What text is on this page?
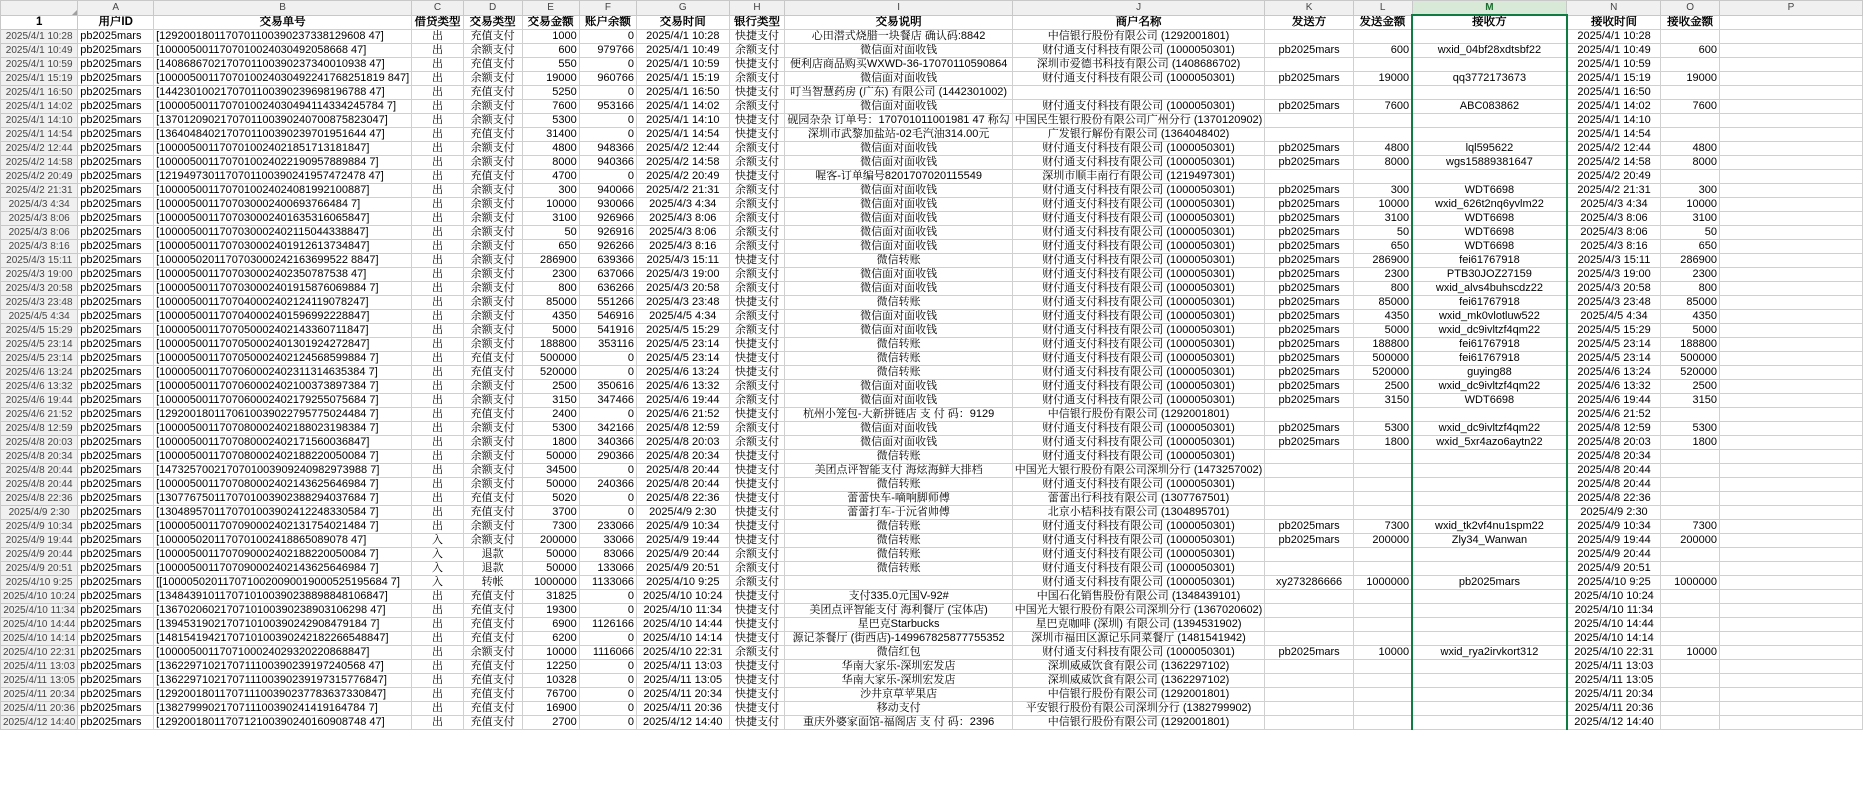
	A	B	C	D	E	F	G	H	I	J	K	L	M	N	O	P
1	用户ID	交易单号	借贷类型	交易类型	交易金额	账户余额	交易时间	银行类型	交易说明	商户名称	发送方	发送金额	接收方	接收时间	接收金额	
2025/4/1 10:28	pb2025mars	[1292001801170701100390237338129608 47]	出	充值支付	1000	0	2025/4/1 10:28	快捷支付	心田潜式烧腊一块餐店 确认码:8842	中信银行股份有限公司 (1292001801)				2025/4/1 10:28		
2025/4/1 10:49	pb2025mars	[1000050011707010024030492058668 47]	出	余额支付	600	979766	2025/4/1 10:49	余额支付	微信面对面收钱	财付通支付科技有限公司 (1000050301)	pb2025mars	600	wxid_04bf28xdtsbf22	2025/4/1 10:49	600	
2025/4/1 10:59	pb2025mars	[1408686702170701100390237340010938 47]	出	充值支付	550	0	2025/4/1 10:59	快捷支付	便利店商品购买WXWD-36-17070110590864	深圳市爱德书科技有限公司 (1408686702)				2025/4/1 10:59		
2025/4/1 15:19	pb2025mars	[1000050011707010024030492241768251819 847]	出	余额支付	19000	960766	2025/4/1 15:19	余额支付	微信面对面收钱	财付通支付科技有限公司 (1000050301)	pb2025mars	19000	qq3772173673	2025/4/1 15:19	19000	
2025/4/1 16:50	pb2025mars	[1442301002170701100390239698196788 47]	出	充值支付	5250	0	2025/4/1 16:50	快捷支付	叮当智慧药房 (广东) 有限公司 (1442301002)					2025/4/1 16:50		
2025/4/1 14:02	pb2025mars	[1000050011707010024030494114334245784 7]	出	余额支付	7600	953166	2025/4/1 14:02	余额支付	微信面对面收钱	财付通支付科技有限公司 (1000050301)	pb2025mars	7600	ABC083862	2025/4/1 14:02	7600	
2025/4/1 14:10	pb2025mars	[1370120902170701100390240700875823047]	出	余额支付	5300	0	2025/4/1 14:10	快捷支付	砚园杂杂 订单号：170701011001981 47 称勾	中国民生银行股份有限公司广州分行 (1370120902)				2025/4/1 14:10		
2025/4/1 14:54	pb2025mars	[1364048402170701100390239701951644 47]	出	充值支付	31400	0	2025/4/1 14:54	快捷支付	深圳市武黎加盐站-02毛汽油314.00元	广发银行解份有限公司 (1364048402)				2025/4/1 14:54		
2025/4/2 12:44	pb2025mars	[1000050011707010024021851713181847]	出	余额支付	4800	948366	2025/4/2 12:44	余额支付	微信面对面收钱	财付通支付科技有限公司 (1000050301)	pb2025mars	4800	lql595622	2025/4/2 12:44	4800	
2025/4/2 14:58	pb2025mars	[1000050011707010024022190957889884 7]	出	余额支付	8000	940366	2025/4/2 14:58	余额支付	微信面对面收钱	财付通支付科技有限公司 (1000050301)	pb2025mars	8000	wgs15889381647	2025/4/2 14:58	8000	
2025/4/2 20:49	pb2025mars	[1219497301170701100390241957472478 47]	出	充值支付	4700	0	2025/4/2 20:49	快捷支付	喔客-订单编号8201707020115549	深圳市顺丰南行有限公司 (1219497301)				2025/4/2 20:49		
2025/4/2 21:31	pb2025mars	[1000050011707010024024081992100887]	出	余额支付	300	940066	2025/4/2 21:31	余额支付	微信面对面收钱	财付通支付科技有限公司 (1000050301)	pb2025mars	300	WDT6698	2025/4/2 21:31	300	
2025/4/3 4:34	pb2025mars	[1000050011707030002400693766484 7]	出	余额支付	10000	930066	2025/4/3 4:34	余额支付	微信面对面收钱	财付通支付科技有限公司 (1000050301)	pb2025mars	10000	wxid_626t2nq6yvlm22	2025/4/3 4:34	10000	
2025/4/3 8:06	pb2025mars	[1000050011707030002401635316065847]	出	余额支付	3100	926966	2025/4/3 8:06	余额支付	微信面对面收钱	财付通支付科技有限公司 (1000050301)	pb2025mars	3100	WDT6698	2025/4/3 8:06	3100	
2025/4/3 8:06	pb2025mars	[1000050011707030002402115044338847]	出	余额支付	50	926916	2025/4/3 8:06	余额支付	微信面对面收钱	财付通支付科技有限公司 (1000050301)	pb2025mars	50	WDT6698	2025/4/3 8:06	50	
2025/4/3 8:16	pb2025mars	[1000050011707030002401912613734847]	出	余额支付	650	926266	2025/4/3 8:16	余额支付	微信面对面收钱	财付通支付科技有限公司 (1000050301)	pb2025mars	650	WDT6698	2025/4/3 8:16	650	
2025/4/3 15:11	pb2025mars	[1000050201170703000242163699522 8847]	出	余额支付	286900	639366	2025/4/3 15:11	快捷支付	微信转账	财付通支付科技有限公司 (1000050301)	pb2025mars	286900	fei61767918	2025/4/3 15:11	286900	
2025/4/3 19:00	pb2025mars	[1000050011707030002402350787538 47]	出	余额支付	2300	637066	2025/4/3 19:00	余额支付	微信面对面收钱	财付通支付科技有限公司 (1000050301)	pb2025mars	2300	PTB30JOZ27159	2025/4/3 19:00	2300	
2025/4/3 20:58	pb2025mars	[1000050011707030002401915876069884 7]	出	余额支付	800	636266	2025/4/3 20:58	余额支付	微信面对面收钱	财付通支付科技有限公司 (1000050301)	pb2025mars	800	wxid_alvs4buhscdz22	2025/4/3 20:58	800	
2025/4/3 23:48	pb2025mars	[1000050011707040002402124119078247]	出	余额支付	85000	551266	2025/4/3 23:48	快捷支付	微信转账	财付通支付科技有限公司 (1000050301)	pb2025mars	85000	fei61767918	2025/4/3 23:48	85000	
2025/4/5 4:34	pb2025mars	[1000050011707040002401596992228847]	出	余额支付	4350	546916	2025/4/5 4:34	余额支付	微信面对面收钱	财付通支付科技有限公司 (1000050301)	pb2025mars	4350	wxid_mk0vlotluw522	2025/4/5 4:34	4350	
2025/4/5 15:29	pb2025mars	[1000050011707050002402143360711847]	出	余额支付	5000	541916	2025/4/5 15:29	余额支付	微信面对面收钱	财付通支付科技有限公司 (1000050301)	pb2025mars	5000	wxid_dc9ivltzf4qm22	2025/4/5 15:29	5000	
2025/4/5 23:14	pb2025mars	[1000050011707050002401301924272847]	出	余额支付	188800	353116	2025/4/5 23:14	快捷支付	微信转账	财付通支付科技有限公司 (1000050301)	pb2025mars	188800	fei61767918	2025/4/5 23:14	188800	
2025/4/5 23:14	pb2025mars	[1000050011707050002402124568599884 7]	出	充值支付	500000	0	2025/4/5 23:14	快捷支付	微信转账	财付通支付科技有限公司 (1000050301)	pb2025mars	500000	fei61767918	2025/4/5 23:14	500000	
2025/4/6 13:24	pb2025mars	[1000050011707060002402311314635384 7]	出	充值支付	520000	0	2025/4/6 13:24	快捷支付	微信转账	财付通支付科技有限公司 (1000050301)	pb2025mars	520000	guying88	2025/4/6 13:24	520000	
2025/4/6 13:32	pb2025mars	[1000050011707060002402100373897384 7]	出	余额支付	2500	350616	2025/4/6 13:32	余额支付	微信面对面收钱	财付通支付科技有限公司 (1000050301)	pb2025mars	2500	wxid_dc9ivltzf4qm22	2025/4/6 13:32	2500	
2025/4/6 19:44	pb2025mars	[1000050011707060002402179255075684 7]	出	余额支付	3150	347466	2025/4/6 19:44	余额支付	微信面对面收钱	财付通支付科技有限公司 (1000050301)	pb2025mars	3150	WDT6698	2025/4/6 19:44	3150	
2025/4/6 21:52	pb2025mars	[1292001801170610039022795775024484 7]	出	充值支付	2400	0	2025/4/6 21:52	快捷支付	杭州小笼包-大新拼链店 支 付 码：9129	中信银行股份有限公司 (1292001801)				2025/4/6 21:52		
2025/4/8 12:59	pb2025mars	[1000050011707080002402188023198384 7]	出	余额支付	5300	342166	2025/4/8 12:59	余额支付	微信面对面收钱	财付通支付科技有限公司 (1000050301)	pb2025mars	5300	wxid_dc9ivltzf4qm22	2025/4/8 12:59	5300	
2025/4/8 20:03	pb2025mars	[1000050011707080002402171560036847]	出	余额支付	1800	340366	2025/4/8 20:03	余额支付	微信面对面收钱	财付通支付科技有限公司 (1000050301)	pb2025mars	1800	wxid_5xr4azo6aytn22	2025/4/8 20:03	1800	
2025/4/8 20:34	pb2025mars	[1000050011707080002402188220050084 7]	出	余额支付	50000	290366	2025/4/8 20:34	快捷支付	微信转账	财付通支付科技有限公司 (1000050301)				2025/4/8 20:34		
2025/4/8 20:44	pb2025mars	[1473257002170701003909240982973988 7]	出	余额支付	34500	0	2025/4/8 20:44	快捷支付	美团点评智能支付 海炫海鲜大排档	中国光大银行股份有限公司深圳分行 (1473257002)				2025/4/8 20:44		
2025/4/8 20:44	pb2025mars	[1000050011707080002402143625646984 7]	出	余额支付	50000	240366	2025/4/8 20:44	快捷支付	微信转账	财付通支付科技有限公司 (1000050301)				2025/4/8 20:44		
2025/4/8 22:36	pb2025mars	[1307767501170701003902388294037684 7]	出	充值支付	5020	0	2025/4/8 22:36	快捷支付	蕾蕾快车-嘀响脚师傅	蕾蕾出行科技有限公司 (1307767501)				2025/4/8 22:36		
2025/4/9 2:30	pb2025mars	[1304895701170701003902412248330584 7]	出	充值支付	3700	0	2025/4/9 2:30	快捷支付	蕾蕾打车-于沅省帅傅	北京小桔科技有限公司 (1304895701)				2025/4/9 2:30		
2025/4/9 10:34	pb2025mars	[1000050011707090002402131754021484 7]	出	余额支付	7300	233066	2025/4/9 10:34	快捷支付	微信转账	财付通支付科技有限公司 (1000050301)	pb2025mars	7300	wxid_tk2vf4nu1spm22	2025/4/9 10:34	7300	
2025/4/9 19:44	pb2025mars	[1000050201170701002418865089078 47]	入	余额支付	200000	33066	2025/4/9 19:44	快捷支付	微信转账	财付通支付科技有限公司 (1000050301)	pb2025mars	200000	Zly34_Wanwan	2025/4/9 19:44	200000	
2025/4/9 20:44	pb2025mars	[1000050011707090002402188220050084 7]	入	退款	50000	83066	2025/4/9 20:44	余额支付	微信转账	财付通支付科技有限公司 (1000050301)				2025/4/9 20:44		
2025/4/9 20:51	pb2025mars	[1000050011707090002402143625646984 7]	入	退款	50000	133066	2025/4/9 20:51	余额支付	微信转账	财付通支付科技有限公司 (1000050301)				2025/4/9 20:51		
2025/4/10 9:25	pb2025mars	[[1000050201170710020090019000525195684 7]	入	转帐	1000000	1133066	2025/4/10 9:25	余额支付		财付通支付科技有限公司 (1000050301)	xy273286666	1000000	pb2025mars	2025/4/10 9:25	1000000	
2025/4/10 10:24	pb2025mars	[1348439101170710100390238898848106847]	出	充值支付	31825	0	2025/4/10 10:24	快捷支付	支付335.0元国V-92#	中国石化销售股份有限公司 (1348439101)				2025/4/10 10:24		
2025/4/10 11:34	pb2025mars	[1367020602170710100390238903106298 47]	出	充值支付	19300	0	2025/4/10 11:34	快捷支付	美团点评智能支付 海利餐厅 (宝体店)	中国光大银行股份有限公司深圳分行 (1367020602)				2025/4/10 11:34		
2025/4/10 14:44	pb2025mars	[1394531902170710100390242908479184 7]	出	充值支付	6900	1126166	2025/4/10 14:44	快捷支付	星巴克Starbucks	星巴克咖啡 (深圳) 有限公司 (1394531902)				2025/4/10 14:44		
2025/4/10 14:14	pb2025mars	[1481541942170710100390242182266548847]	出	充值支付	6200	0	2025/4/10 14:14	快捷支付	源记茶餐厅 (街西店)-149967825877755352	深圳市福田区源记乐同菜餐厅 (1481541942)				2025/4/10 14:14		
2025/4/10 22:31	pb2025mars	[1000050011707100024029320220868847]	出	余额支付	10000	1116066	2025/4/10 22:31	余额支付	微信红包	财付通支付科技有限公司 (1000050301)	pb2025mars	10000	wxid_rya2irvkort312	2025/4/10 22:31	10000	
2025/4/11 13:03	pb2025mars	[1362297102170711100390239197240568 47]	出	充值支付	12250	0	2025/4/11 13:03	快捷支付	华南大家乐-深圳宏发店	深圳威威饮食有限公司 (1362297102)				2025/4/11 13:03		
2025/4/11 13:05	pb2025mars	[1362297102170711100390239197315776847]	出	充值支付	10328	0	2025/4/11 13:05	快捷支付	华南大家乐-深圳宏发店	深圳威威饮食有限公司 (1362297102)				2025/4/11 13:05		
2025/4/11 20:34	pb2025mars	[1292001801170711100390237783637330847]	出	充值支付	76700	0	2025/4/11 20:34	快捷支付	沙井京草苹果店	中信银行股份有限公司 (1292001801)				2025/4/11 20:34		
2025/4/11 20:36	pb2025mars	[1382799902170711100390241419164784 7]	出	充值支付	16900	0	2025/4/11 20:36	快捷支付	移动支付	平安银行股份有限公司深圳分行 (1382799902)				2025/4/11 20:36		
2025/4/12 14:40	pb2025mars	[1292001801170712100390240160908748 47]	出	充值支付	2700	0	2025/4/12 14:40	快捷支付	重庆外婆家面馆-福阁店 支 付 码：2396	中信银行股份有限公司 (1292001801)				2025/4/12 14:40		
